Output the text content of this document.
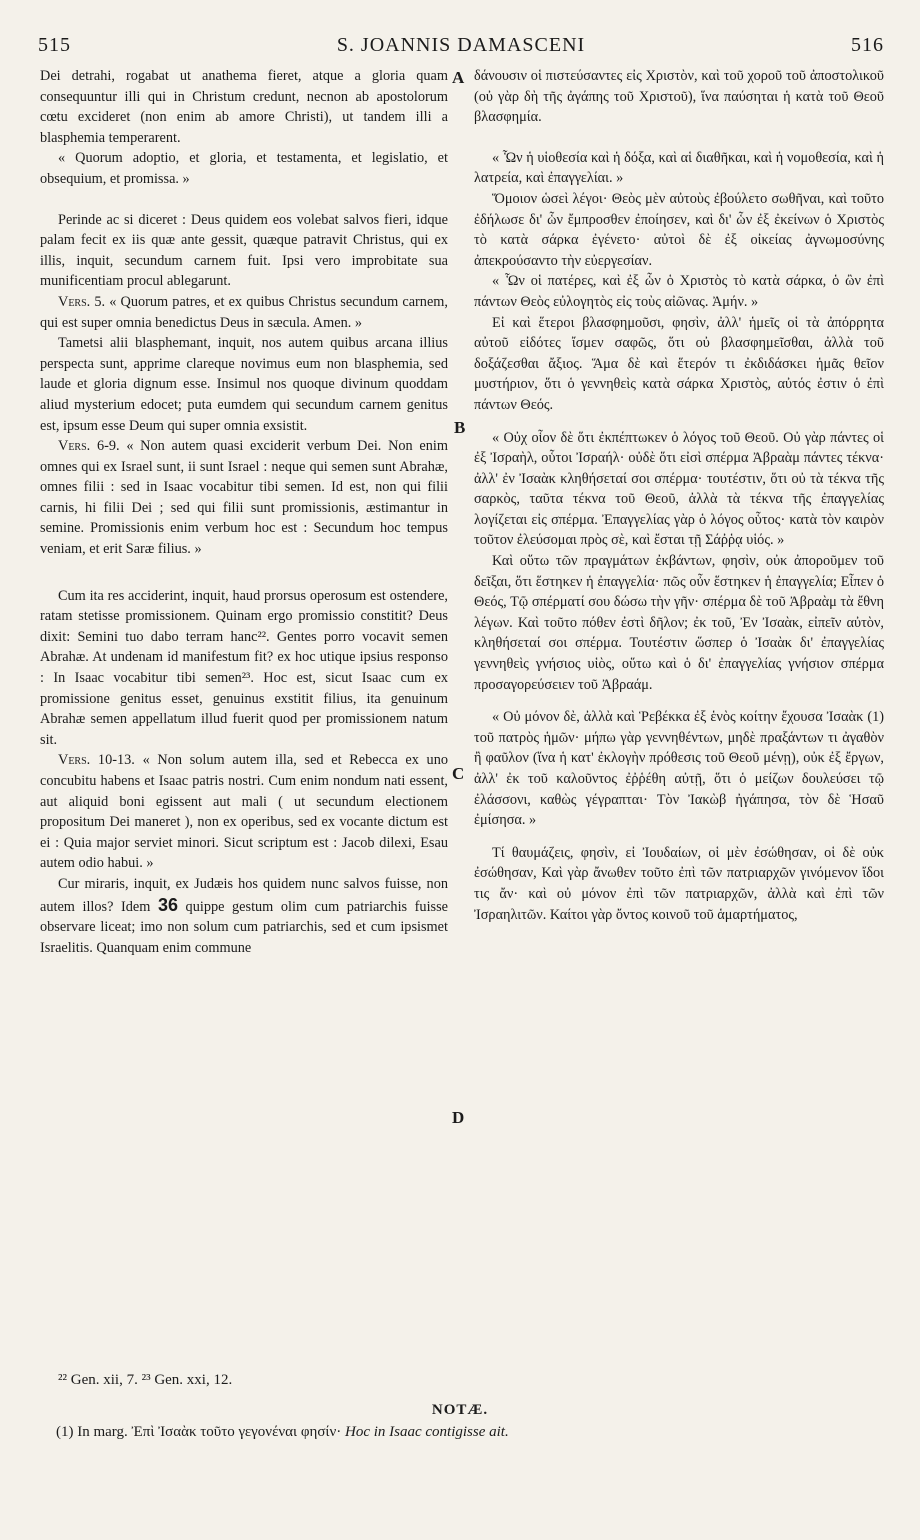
515	S. JOANNIS DAMASCENI	516
A
B
C
D

Dei detrahi, rogabat ut anathema fieret, atque a gloria quam consequuntur illi qui in Christum credunt, necnon ab apostolorum cœtu excideret (non enim ab amore Christi), ut tandem illi a blasphemia temperarent.

« Quorum adoptio, et gloria, et testamenta, et legislatio, et obsequium, et promissa. »

Perinde ac si diceret : Deus quidem eos volebat salvos fieri, idque palam fecit ex iis quæ ante gessit, quæque patravit Christus, qui ex illis, inquit, secundum carnem fuit. Ipsi vero improbitate sua munificentiam procul ablegarunt.

Vers. 5. « Quorum patres, et ex quibus Christus secundum carnem, qui est super omnia benedictus Deus in sæcula. Amen. »

Tametsi alii blasphemant, inquit, nos autem quibus arcana illius perspecta sunt, apprime clareque novimus eum non blasphemia, sed laude et gloria dignum esse. Insimul nos quoque divinum quoddam aliud mysterium edocet; puta eumdem qui secundum carnem genitus est, ipsum esse Deum qui super omnia exsistit.

Vers. 6-9. « Non autem quasi exciderit verbum Dei. Non enim omnes qui ex Israel sunt, ii sunt Israel : neque qui semen sunt Abrahæ, omnes filii : sed in Isaac vocabitur tibi semen. Id est, non qui filii carnis, hi filii Dei ; sed qui filii sunt promissionis, æstimantur in semine. Promissionis enim verbum hoc est : Secundum hoc tempus veniam, et erit Saræ filius. »

Cum ita res acciderint, inquit, haud prorsus operosum est ostendere, ratam stetisse promissionem. Quinam ergo promissio constitit? Deus dixit: Semini tuo dabo terram hanc²². Gentes porro vocavit semen Abrahæ. At undenam id manifestum fit? ex hoc utique ipsius responso : In Isaac vocabitur tibi semen²³. Hoc est, sicut Isaac cum ex promissione genitus esset, genuinus exstitit filius, ita genuinum Abrahæ semen appellatum illud fuerit quod per promissionem natum sit.

Vers. 10-13. « Non solum autem illa, sed et Rebecca ex uno concubitu habens et Isaac patris nostri. Cum enim nondum nati essent, aut aliquid boni egissent aut mali ( ut secundum electionem propositum Dei maneret ), non ex operibus, sed ex vocante dictum est ei : Quia major serviet minori. Sicut scriptum est : Jacob dilexi, Esau autem odio habui. »

Cur miraris, inquit, ex Judæis hos quidem nunc salvos fuisse, non autem illos? Idem 36 quippe gestum olim cum patriarchis fuisse observare liceat; imo non solum cum patriarchis, sed et cum ipsismet Israelitis. Quanquam enim commune

δάνουσιν οἱ πιστεύσαντες εἰς Χριστὸν, καὶ τοῦ χοροῦ τοῦ ἀποστολικοῦ (οὐ γὰρ δὴ τῆς ἀγάπης τοῦ Χριστοῦ), ἵνα παύσηται ἡ κατὰ τοῦ Θεοῦ βλασφημία.

« Ὧν ἡ υἱοθεσία καὶ ἡ δόξα, καὶ αἱ διαθῆκαι, καὶ ἡ νομοθεσία, καὶ ἡ λατρεία, καὶ ἐπαγγελίαι. »

Ὅμοιον ὡσεὶ λέγοι· Θεὸς μὲν αὐτοὺς ἐβούλετο σωθῆναι, καὶ τοῦτο ἐδήλωσε δι' ὧν ἔμπροσθεν ἐποίησεν, καὶ δι' ὧν ἐξ ἐκείνων ὁ Χριστὸς τὸ κατὰ σάρκα ἐγένετο· αὐτοὶ δὲ ἐξ οἰκείας ἀγνωμοσύνης ἀπεκρούσαντο τὴν εὐεργεσίαν.

« Ὧν οἱ πατέρες, καὶ ἐξ ὧν ὁ Χριστὸς τὸ κατὰ σάρκα, ὁ ὢν ἐπὶ πάντων Θεὸς εὐλογητὸς εἰς τοὺς αἰῶνας. Ἀμήν. »

Εἰ καὶ ἕτεροι βλασφημοῦσι, φησὶν, ἀλλ' ἡμεῖς οἱ τὰ ἀπόρρητα αὐτοῦ εἰδότες ἴσμεν σαφῶς, ὅτι οὐ βλασφημεῖσθαι, ἀλλὰ τοῦ δοξάζεσθαι ἄξιος. Ἅμα δὲ καὶ ἕτερόν τι ἐκδιδάσκει ἡμᾶς θεῖον μυστήριον, ὅτι ὁ γεννηθεὶς κατὰ σάρκα Χριστὸς, αὐτός ἐστιν ὁ ἐπὶ πάντων Θεός.

« Οὐχ οἷον δὲ ὅτι ἐκπέπτωκεν ὁ λόγος τοῦ Θεοῦ. Οὐ γὰρ πάντες οἱ ἐξ Ἰσραὴλ, οὗτοι Ἰσραήλ· οὐδὲ ὅτι εἰσὶ σπέρμα Ἀβραὰμ πάντες τέκνα· ἀλλ' ἐν Ἰσαὰκ κληθήσεταί σοι σπέρμα· τουτέστιν, ὅτι οὐ τὰ τέκνα τῆς σαρκὸς, ταῦτα τέκνα τοῦ Θεοῦ, ἀλλὰ τὰ τέκνα τῆς ἐπαγγελίας λογίζεται εἰς σπέρμα. Ἐπαγγελίας γὰρ ὁ λόγος οὗτος· κατὰ τὸν καιρὸν τοῦτον ἐλεύσομαι πρὸς σὲ, καὶ ἔσται τῇ Σάῤῥᾳ υἱός. »

Καὶ οὕτω τῶν πραγμάτων ἐκβάντων, φησὶν, οὐκ ἀποροῦμεν τοῦ δεῖξαι, ὅτι ἕστηκεν ἡ ἐπαγγελία· πῶς οὖν ἕστηκεν ἡ ἐπαγγελία; Εἶπεν ὁ Θεός, Τῷ σπέρματί σου δώσω τὴν γῆν· σπέρμα δὲ τοῦ Ἀβραὰμ τὰ ἔθνη λέγων. Καὶ τοῦτο πόθεν ἐστὶ δῆλον; ἐκ τοῦ, Ἐν Ἰσαὰκ, εἰπεῖν αὐτὸν, κληθήσεταί σοι σπέρμα. Τουτέστιν ὥσπερ ὁ Ἰσαὰκ δι' ἐπαγγελίας γεννηθεὶς γνήσιος υἱὸς, οὕτω καὶ ὁ δι' ἐπαγγελίας γνήσιον σπέρμα προσαγορεύσειεν τοῦ Ἀβραάμ.

« Οὐ μόνον δὲ, ἀλλὰ καὶ Ῥεβέκκα ἐξ ἑνὸς κοίτην ἔχουσα Ἰσαὰκ (1) τοῦ πατρὸς ἡμῶν· μήπω γὰρ γεννηθέντων, μηδὲ πραξάντων τι ἀγαθὸν ἢ φαῦλον (ἵνα ἡ κατ' ἐκλογὴν πρόθεσις τοῦ Θεοῦ μένῃ), οὐκ ἐξ ἔργων, ἀλλ' ἐκ τοῦ καλοῦντος ἐῤῥέθη αὐτῇ, ὅτι ὁ μείζων δουλεύσει τῷ ἐλάσσονι, καθὼς γέγραπται· Τὸν Ἰακὼβ ἠγάπησα, τὸν δὲ Ἡσαῦ ἐμίσησα. »

Τί θαυμάζεις, φησὶν, εἰ Ἰουδαίων, οἱ μὲν ἐσώθησαν, οἱ δὲ οὐκ ἐσώθησαν, Καὶ γὰρ ἄνωθεν τοῦτο ἐπὶ τῶν πατριαρχῶν γινόμενον ἴδοι τις ἄν· καὶ οὐ μόνον ἐπὶ τῶν πατριαρχῶν, ἀλλὰ καὶ ἐπὶ τῶν Ἰσραηλιτῶν. Καίτοι γὰρ ὄντος κοινοῦ τοῦ ἁμαρτήματος,

²² Gen. xii, 7. ²³ Gen. xxi, 12.
NOTÆ.
(1) In marg. Ἐπὶ Ἰσαὰκ τοῦτο γεγονέναι φησίν· Hoc in Isaac contigisse ait.
